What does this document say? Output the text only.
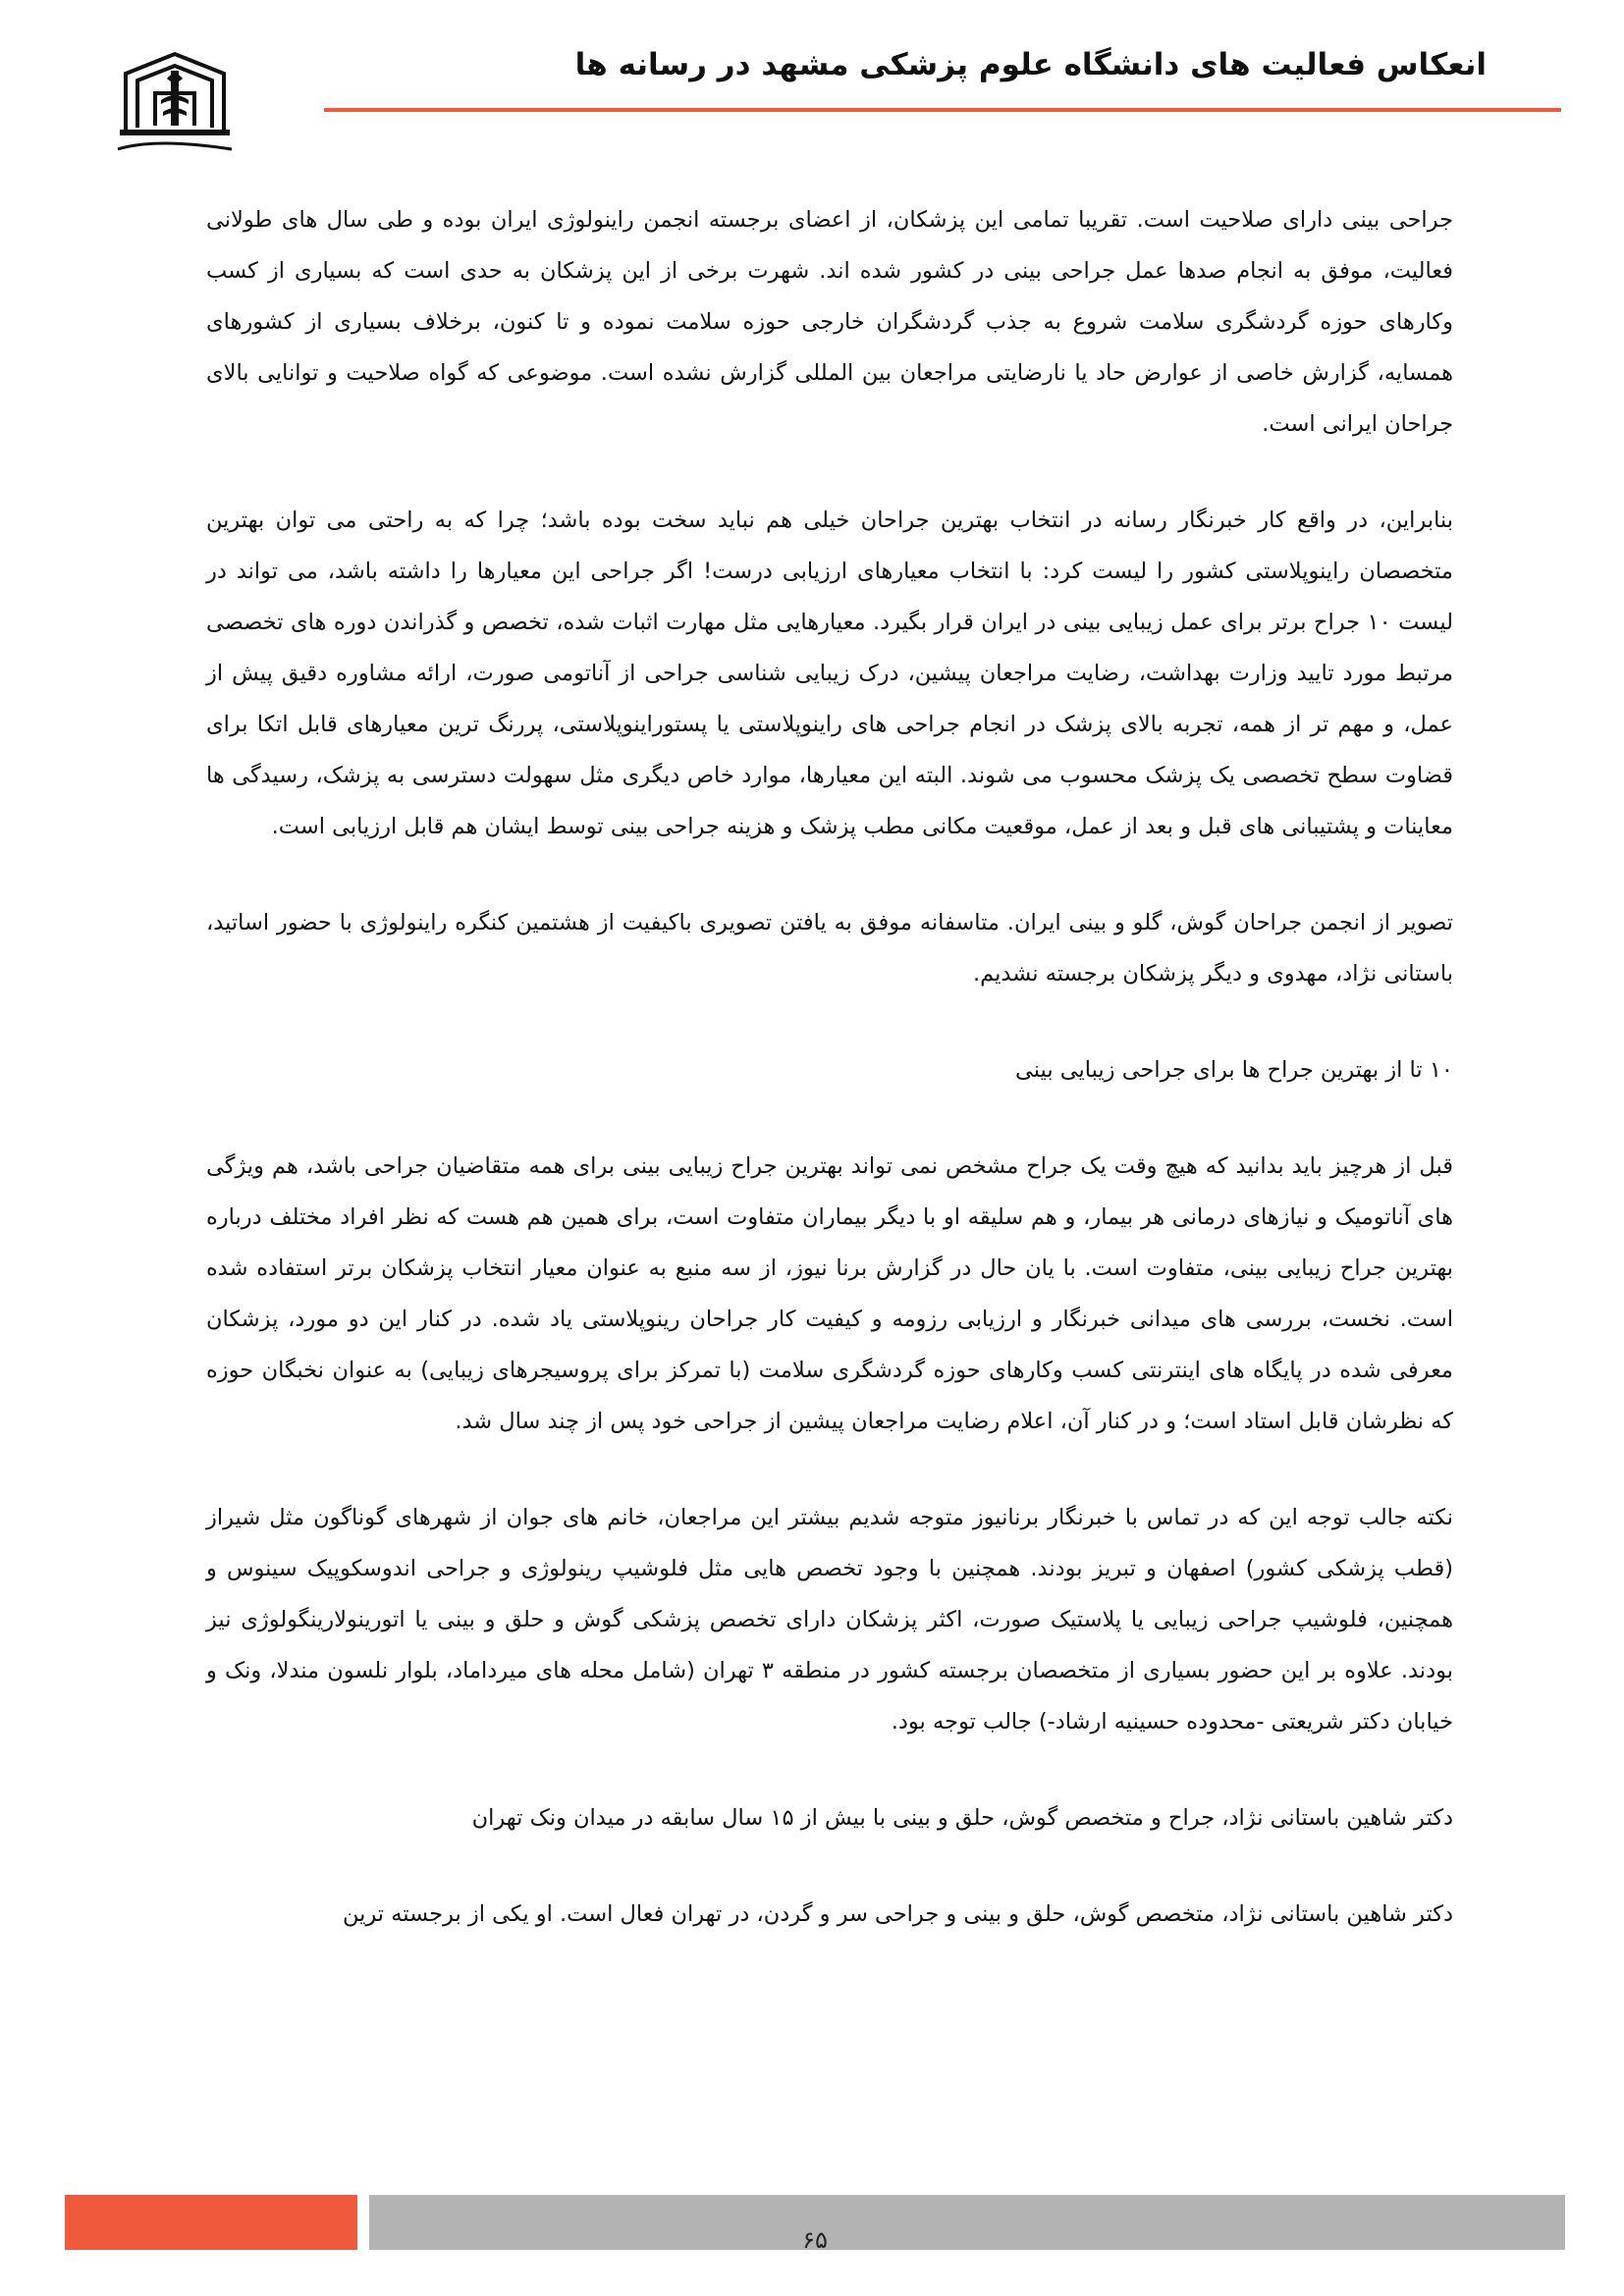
انعکاس فعالیت های دانشگاه علوم پزشکی مشهد در رسانه ها

جراحی بینی دارای صلاحیت است. تقریبا تمامی این پزشکان، از اعضای برجسته انجمن راینولوژی ایران بوده و طی سال های طولانی فعالیت، موفق به انجام صدها عمل جراحی بینی در کشور شده اند. شهرت برخی از این پزشکان به حدی است که بسیاری از کسب وکارهای حوزه گردشگری سلامت شروع به جذب گردشگران خارجی حوزه سلامت نموده و تا کنون، برخلاف بسیاری از کشورهای همسایه، گزارش خاصی از عوارض حاد یا نارضایتی مراجعان بین المللی گزارش نشده است. موضوعی که گواه صلاحیت و توانایی بالای جراحان ایرانی است.

بنابراین، در واقع کار خبرنگار رسانه در انتخاب بهترین جراحان خیلی هم نباید سخت بوده باشد؛ چرا که به راحتی می توان بهترین متخصصان راینوپلاستی کشور را لیست کرد: با انتخاب معیارهای ارزیابی درست! اگر جراحی این معیارها را داشته باشد، می تواند در لیست ۱۰ جراح برتر برای عمل زیبایی بینی در ایران قرار بگیرد. معیارهایی مثل مهارت اثبات شده، تخصص و گذراندن دوره های تخصصی مرتبط مورد تایید وزارت بهداشت، رضایت مراجعان پیشین، درک زیبایی شناسی جراحی از آناتومی صورت، ارائه مشاوره دقیق پیش از عمل، و مهم تر از همه، تجربه بالای پزشک در انجام جراحی های راینوپلاستی یا پستوراینوپلاستی، پررنگ ترین معیارهای قابل اتکا برای قضاوت سطح تخصصی یک پزشک محسوب می شوند. البته این معیارها، موارد خاص دیگری مثل سهولت دسترسی به پزشک، رسیدگی ها معاینات و پشتیبانی های قبل و بعد از عمل، موقعیت مکانی مطب پزشک و هزینه جراحی بینی توسط ایشان هم قابل ارزیابی است.

تصویر از انجمن جراحان گوش، گلو و بینی ایران. متاسفانه موفق به یافتن تصویری باکیفیت از هشتمین کنگره راینولوژی با حضور اساتید، باستانی نژاد، مهدوی و دیگر پزشکان برجسته نشدیم.

۱۰ تا از بهترین جراح ها برای جراحی زیبایی بینی

قبل از هرچیز باید بدانید که هیچ وقت یک جراح مشخص نمی تواند بهترین جراح زیبایی بینی برای همه متقاضیان جراحی باشد، هم ویژگی های آناتومیک و نیازهای درمانی هر بیمار، و هم سلیقه او با دیگر بیماران متفاوت است، برای همین هم هست که نظر افراد مختلف درباره بهترین جراح زیبایی بینی، متفاوت است. با یان حال در گزارش برنا نیوز، از سه منبع به عنوان معیار انتخاب پزشکان برتر استفاده شده است. نخست، بررسی های میدانی خبرنگار و ارزیابی رزومه و کیفیت کار جراحان رینوپلاستی یاد شده. در کنار این دو مورد، پزشکان معرفی شده در پایگاه های اینترنتی کسب وکارهای حوزه گردشگری سلامت (با تمرکز برای پروسیجرهای زیبایی) به عنوان نخبگان حوزه که نظرشان قابل استاد است؛ و در کنار آن، اعلام رضایت مراجعان پیشین از جراحی خود پس از چند سال شد.

نکته جالب توجه این که در تماس با خبرنگار برنانیوز متوجه شدیم بیشتر این مراجعان، خانم های جوان از شهرهای گوناگون مثل شیراز (قطب پزشکی کشور) اصفهان و تبریز بودند. همچنین با وجود تخصص هایی مثل فلوشیپ رینولوژی و جراحی اندوسکوپیک سینوس و همچنین، فلوشیپ جراحی زیبایی یا پلاستیک صورت، اکثر پزشکان دارای تخصص پزشکی گوش و حلق و بینی یا اتورینولارینگولوژی نیز بودند. علاوه بر این حضور بسیاری از متخصصان برجسته کشور در منطقه ۳ تهران (شامل محله های میرداماد، بلوار نلسون مندلا، ونک و خیابان دکتر شریعتی -محدوده حسینیه ارشاد-) جالب توجه بود.

دکتر شاهین باستانی نژاد، جراح و متخصص گوش، حلق و بینی با بیش از ۱۵ سال سابقه در میدان ونک تهران

دکتر شاهین باستانی نژاد، متخصص گوش، حلق و بینی و جراحی سر و گردن، در تهران فعال است. او یکی از برجسته ترین

۶۵
